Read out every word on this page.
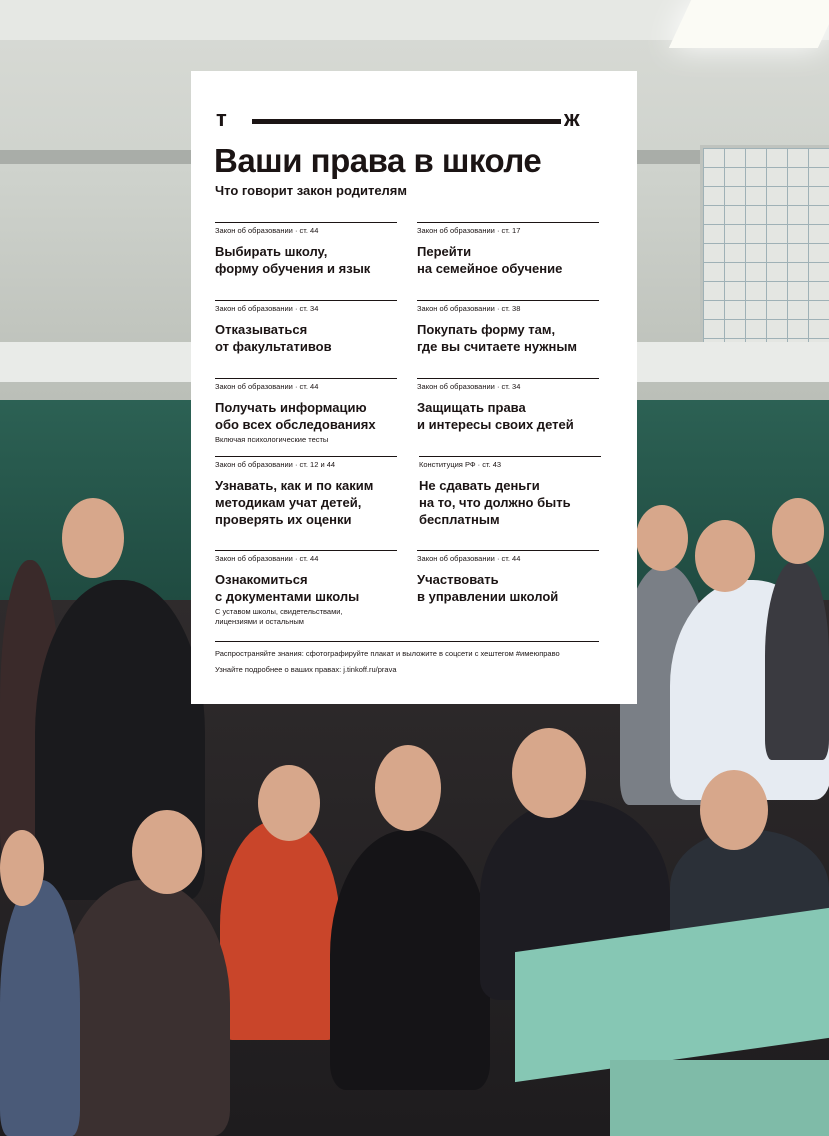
т	ж
Ваши права в школе
Что говорит закон родителям
Закон об образовании · ст. 44
Выбирать школу,
форму обучения и язык
Закон об образовании · ст. 17
Перейти
на семейное обучение
Закон об образовании · ст. 34
Отказываться
от факультативов
Закон об образовании · ст. 38
Покупать форму там,
где вы считаете нужным
Закон об образовании · ст. 44
Получать информацию
обо всех обследованиях
Включая психологические тесты
Закон об образовании · ст. 34
Защищать права
и интересы своих детей
Закон об образовании · ст. 12 и 44
Узнавать, как и по каким
методикам учат детей,
проверять их оценки
Конституция РФ · ст. 43
Не сдавать деньги
на то, что должно быть
бесплатным
Закон об образовании · ст. 44
Ознакомиться
с документами школы
С уставом школы, свидетельствами,
лицензиями и остальным
Закон об образовании · ст. 44
Участвовать
в управлении школой
Распространяйте знания: сфотографируйте плакат и выложите в соцсети с хештегом #имеюправо
Узнайте подробнее о ваших правах: j.tinkoff.ru/prava
